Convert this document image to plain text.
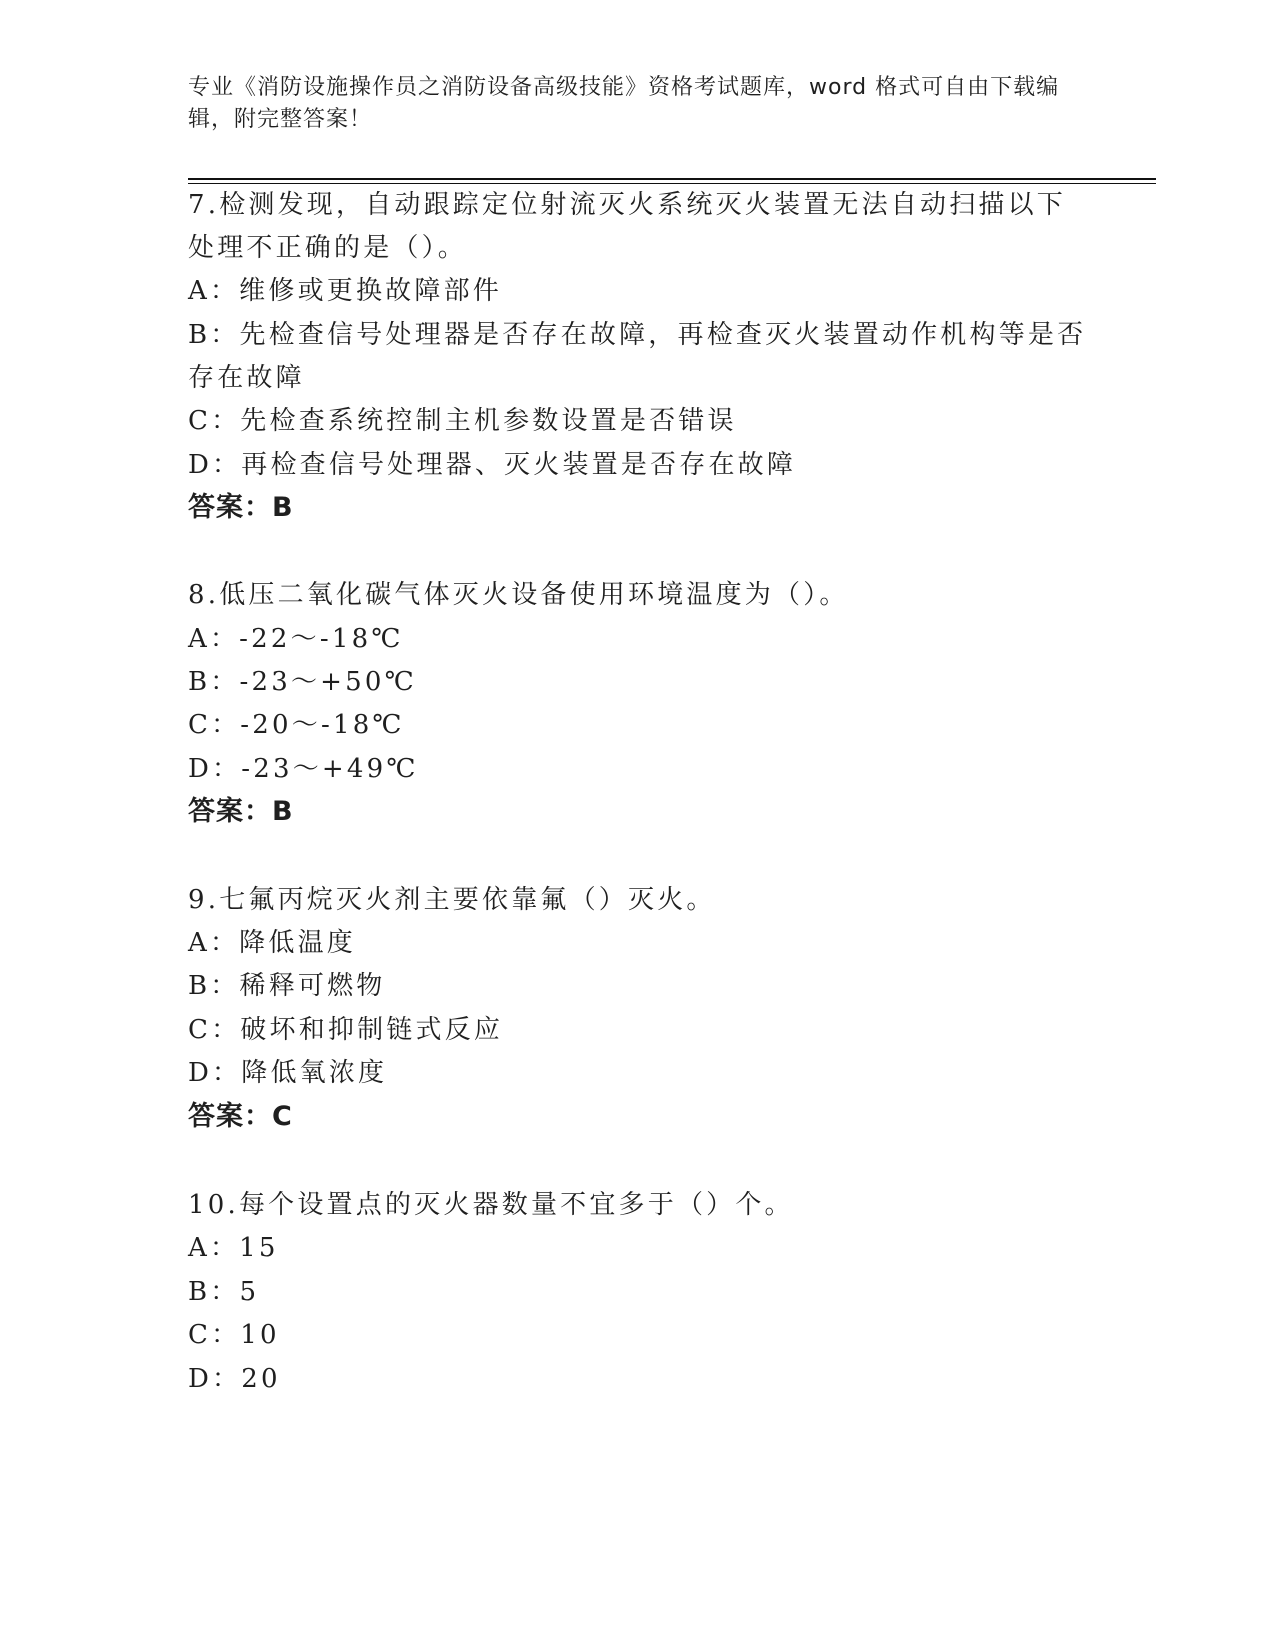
专业《消防设施操作员之消防设备高级技能》资格考试题库，word 格式可自由下载编辑，附完整答案！
7.检测发现，自动跟踪定位射流灭火系统灭火装置无法自动扫描以下
处理不正确的是（）。
A：维修或更换故障部件
B：先检查信号处理器是否存在故障，再检查灭火装置动作机构等是否
存在故障
C：先检查系统控制主机参数设置是否错误
D：再检查信号处理器、灭火装置是否存在故障
答案：B
8.低压二氧化碳气体灭火设备使用环境温度为（）。
A：-22～-18℃
B：-23～+50℃
C：-20～-18℃
D：-23～+49℃
答案：B
9.七氟丙烷灭火剂主要依靠氟（）灭火。
A：降低温度
B：稀释可燃物
C：破坏和抑制链式反应
D：降低氧浓度
答案：C
10.每个设置点的灭火器数量不宜多于（）个。
A：15
B：5
C：10
D：20
